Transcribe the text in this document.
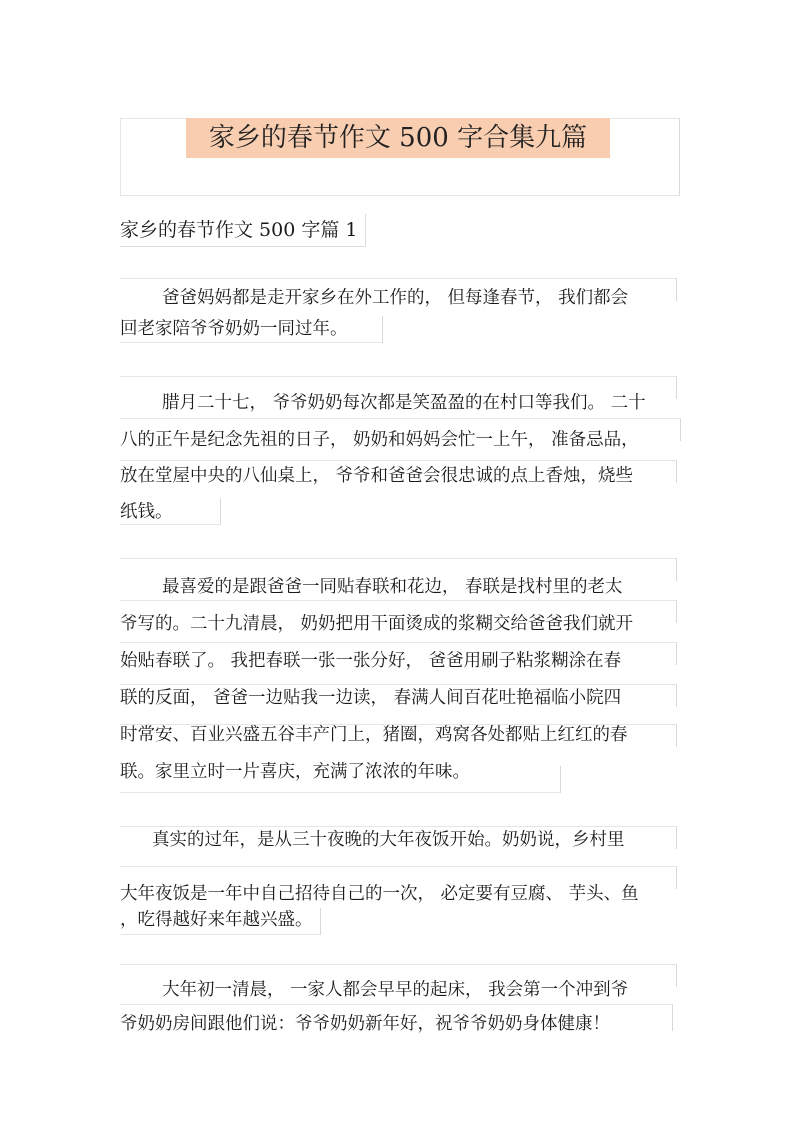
家乡的春节作文 500 字合集九篇
家乡的春节作文 500 字篇 1
爸爸妈妈都是走开家乡在外工作的， 但每逢春节， 我们都会
回老家陪爷爷奶奶一同过年。
腊月二十七， 爷爷奶奶每次都是笑盈盈的在村口等我们。 二十
八的正午是纪念先祖的日子， 奶奶和妈妈会忙一上午， 准备忌品，
放在堂屋中央的八仙桌上， 爷爷和爸爸会很忠诚的点上香烛，烧些
纸钱。
最喜爱的是跟爸爸一同贴春联和花边， 春联是找村里的老太
爷写的。二十九清晨， 奶奶把用干面烫成的浆糊交给爸爸我们就开
始贴春联了。 我把春联一张一张分好， 爸爸用刷子粘浆糊涂在春
联的反面， 爸爸一边贴我一边读， 春满人间百花吐艳福临小院四
时常安、百业兴盛五谷丰产门上，猪圈，鸡窝各处都贴上红红的春
联。家里立时一片喜庆，充满了浓浓的年味。
真实的过年，是从三十夜晚的大年夜饭开始。奶奶说，乡村里
大年夜饭是一年中自己招待自己的一次， 必定要有豆腐、 芋头、鱼
，吃得越好来年越兴盛。
大年初一清晨， 一家人都会早早的起床， 我会第一个冲到爷
爷奶奶房间跟他们说：爷爷奶奶新年好，祝爷爷奶奶身体健康！
